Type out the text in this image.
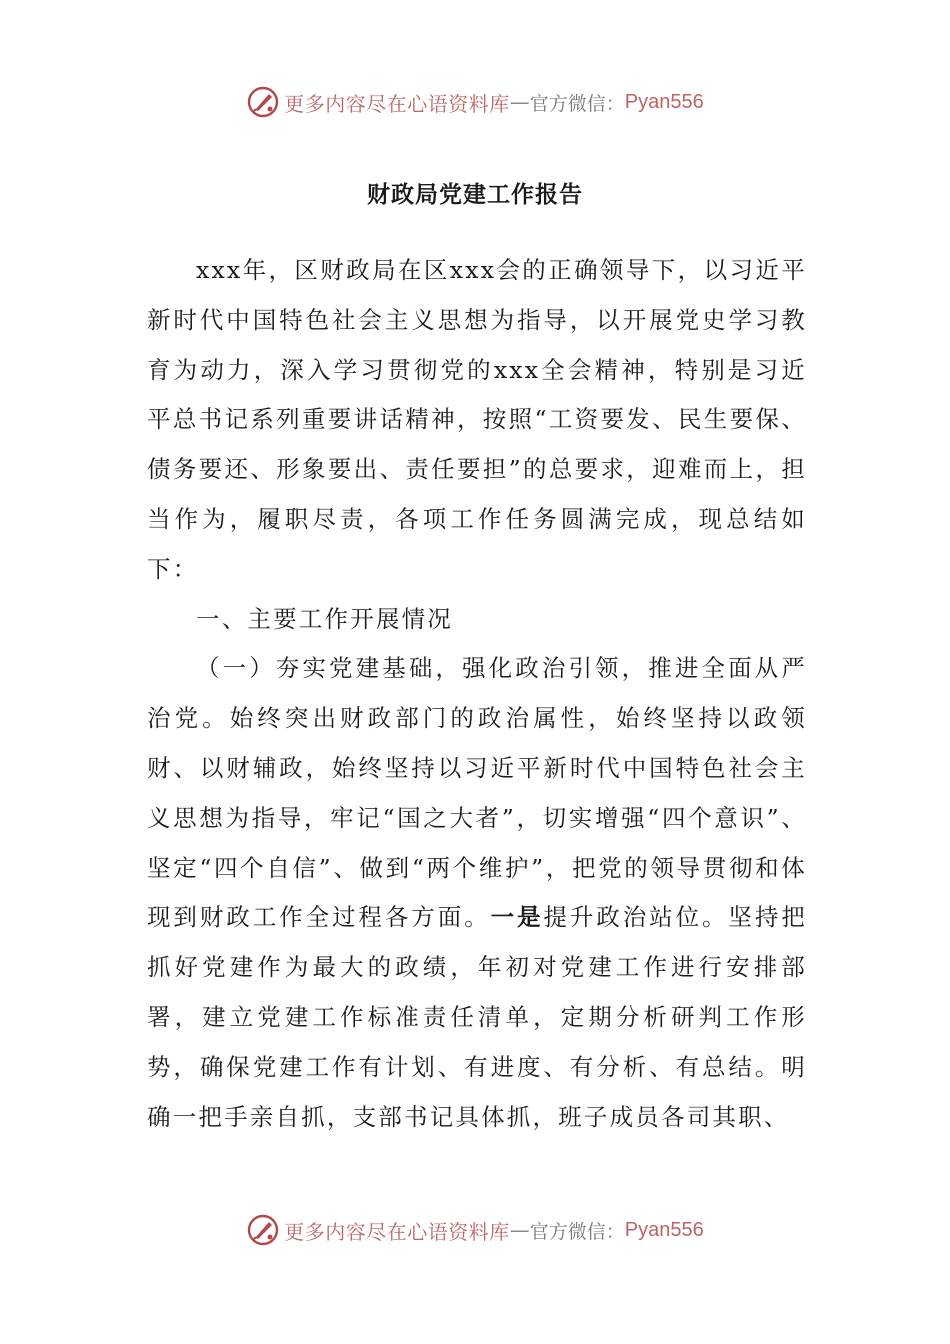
更多内容尽在心语资料库 — 官方微信： Pyan556
财政局党建工作报告

xxx年，区财政局在区xxx会的正确领导下，以习近平新时代中国特色社会主义思想为指导，以开展党史学习教育为动力，深入学习贯彻党的xxx全会精神，特别是习近平总书记系列重要讲话精神，按照“工资要发、民生要保、债务要还、形象要出、责任要担”的总要求，迎难而上，担当作为，履职尽责，各项工作任务圆满完成，现总结如下：

一、主要工作开展情况

（一）夯实党建基础，强化政治引领，推进全面从严治党。始终突出财政部门的政治属性，始终坚持以政领财、以财辅政，始终坚持以习近平新时代中国特色社会主义思想为指导，牢记“国之大者”，切实增强“四个意识”、坚定“四个自信”、做到“两个维护”，把党的领导贯彻和体现到财政工作全过程各方面。一是提升政治站位。坚持把抓好党建作为最大的政绩，年初对党建工作进行安排部署，建立党建工作标准责任清单，定期分析研判工作形势，确保党建工作有计划、有进度、有分析、有总结。明确一把手亲自抓，支部书记具体抓，班子成员各司其职、

更多内容尽在心语资料库 — 官方微信： Pyan556
